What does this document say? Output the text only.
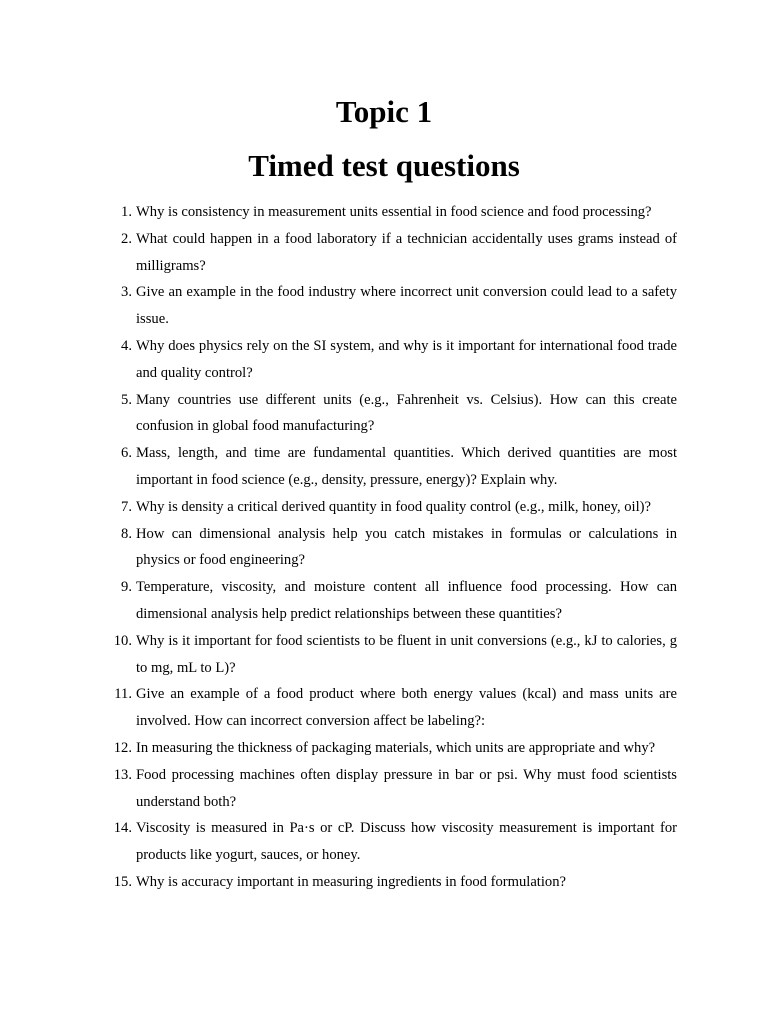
Topic 1
Timed test questions
1. Why is consistency in measurement units essential in food science and food processing?
2. What could happen in a food laboratory if a technician accidentally uses grams instead of milligrams?
3. Give an example in the food industry where incorrect unit conversion could lead to a safety issue.
4. Why does physics rely on the SI system, and why is it important for international food trade and quality control?
5. Many countries use different units (e.g., Fahrenheit vs. Celsius). How can this create confusion in global food manufacturing?
6. Mass, length, and time are fundamental quantities. Which derived quantities are most important in food science (e.g., density, pressure, energy)? Explain why.
7. Why is density a critical derived quantity in food quality control (e.g., milk, honey, oil)?
8. How can dimensional analysis help you catch mistakes in formulas or calculations in physics or food engineering?
9. Temperature, viscosity, and moisture content all influence food processing. How can dimensional analysis help predict relationships between these quantities?
10. Why is it important for food scientists to be fluent in unit conversions (e.g., kJ to calories, g to mg, mL to L)?
11. Give an example of a food product where both energy values (kcal) and mass units are involved. How can incorrect conversion affect be labeling?:
12. In measuring the thickness of packaging materials, which units are appropriate and why?
13. Food processing machines often display pressure in bar or psi. Why must food scientists understand both?
14. Viscosity is measured in Pa·s or cP. Discuss how viscosity measurement is important for products like yogurt, sauces, or honey.
15. Why is accuracy important in measuring ingredients in food formulation?
